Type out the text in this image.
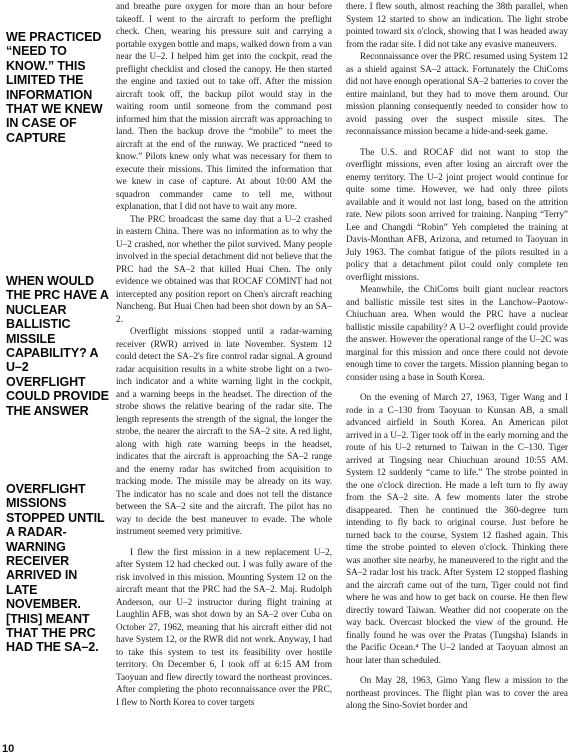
WE PRACTICED “NEED TO KNOW.” THIS LIMITED THE INFORMATION THAT WE KNEW IN CASE OF CAPTURE

WHEN WOULD THE PRC HAVE A NUCLEAR BALLISTIC MISSILE CAPABILITY? A U–2 OVERFLIGHT COULD PROVIDE THE ANSWER

OVERFLIGHT MISSIONS STOPPED UNTIL A RADAR-WARNING RECEIVER ARRIVED IN LATE NOVEMBER. [THIS] MEANT THAT THE PRC HAD THE SA–2.

and breathe pure oxygen for more than an hour before takeoff. I went to the aircraft to perform the preflight check. Chen, wearing his pressure suit and carrying a portable oxygen bottle and maps, walked down from a van near the U–2. I helped him get into the cockpit, read the preflight checklist and closed the canopy. He then started the engine and taxied out to take off. After the mission aircraft took off, the backup pilot would stay in the waiting room until someone from the command post informed him that the mission aircraft was approaching to land. Then the backup drove the “mobile” to meet the aircraft at the end of the runway. We practiced “need to know.” Pilots knew only what was necessary for them to execute their missions. This limited the information that we knew in case of capture. At about 10:00 AM the squadron commander came to tell me, without explanation, that I did not have to wait any more.

The PRC broadcast the same day that a U–2 crashed in eastern China. There was no information as to why the U–2 crashed, nor whether the pilot survived. Many people involved in the special detachment did not believe that the PRC had the SA–2 that killed Huai Chen. The only evidence we obtained was that ROCAF COMINT had not intercepted any position report on Chen's aircraft reaching Nancheng. But Huai Chen had been shot down by an SA–2.

Overflight missions stopped until a radar-warning receiver (RWR) arrived in late November. System 12 could detect the SA–2's fire control radar signal. A ground radar acquisition results in a white strobe light on a two-inch indicator and a white warning light in the cockpit, and a warning beeps in the headset. The direction of the strobe shows the relative bearing of the radar site. The length represents the strength of the signal, the longer the strobe, the nearer the aircraft to the SA–2 site. A red light, along with high rate warning beeps in the headset, indicates that the aircraft is approaching the SA–2 range and the enemy radar has switched from acquisition to tracking mode. The missile may be already on its way. The indicator has no scale and does not tell the distance between the SA–2 site and the aircraft. The pilot has no way to decide the best maneuver to evade. The whole instrument seemed very primitive.

I flew the first mission in a new replacement U–2, after System 12 had checked out. I was fully aware of the risk involved in this mission. Mounting System 12 on the aircraft meant that the PRC had the SA–2. Maj. Rudolph Anderson, our U–2 instructor during flight training at Laughlin AFB, was shot down by an SA–2 over Cuba on October 27, 1962, meaning that his aircraft either did not have System 12, or the RWR did not work. Anyway, I had to take this system to test its feasibility over hostile territory. On December 6, I took off at 6:15 AM from Taoyuan and flew directly toward the northeast provinces. After completing the photo reconnaissance over the PRC, I flew to North Korea to cover targets

there. I flew south, almost reaching the 38th parallel, when System 12 started to show an indication. The light strobe pointed toward six o'clock, showing that I was headed away from the radar site. I did not take any evasive maneuvers.

Reconnaissance over the PRC resumed using System 12 as a shield against SA–2 attack. Fortunately the ChiComs did not have enough operational SA–2 batteries to cover the entire mainland, but they had to move them around. Our mission planning consequently needed to consider how to avoid passing over the suspect missile sites. The reconnaissance mission became a hide-and-seek game.

The U.S. and ROCAF did not want to stop the overflight missions, even after losing an aircraft over the enemy territory. The U–2 joint project would continue for quite some time. However, we had only three pilots available and it would not last long, based on the attrition rate. New pilots soon arrived for training. Nanping “Terry” Lee and Changdi “Robin” Yeh completed the training at Davis-Monthan AFB, Arizona, and returned to Taoyuan in July 1963. The combat fatigue of the pilots resulted in a policy that a detachment pilot could only complete ten overflight missions.

Meanwhile, the ChiComs built giant nuclear reactors and ballistic missile test sites in the Lanchow–Paotow-Chiuchuan area. When would the PRC have a nuclear ballistic missile capability? A U–2 overflight could provide the answer. However the operational range of the U–2C was marginal for this mission and once there could not devote enough time to cover the targets. Mission planning began to consider using a base in South Korea.

On the evening of March 27, 1963, Tiger Wang and I rode in a C–130 from Taoyuan to Kunsan AB, a small advanced airfield in South Korea. An American pilot arrived in a U–2. Tiger took off in the early morning and the route of his U–2 returned to Taiwan in the C–130. Tiger arrived at Tingsing near Chiuchuan around 10:55 AM. System 12 suddenly “came to life.” The strobe pointed in the one o'clock direction. He made a left turn to fly away from the SA–2 site. A few moments later the strobe disappeared. Then he continued the 360-degree turn intending to fly back to original course. Just before he turned back to the course, System 12 flashed again. This time the strobe pointed to eleven o'clock. Thinking there was another site nearby, he maneuvered to the right and the SA–2 radar lost his track. After System 12 stopped flashing and the aircraft came out of the turn, Tiger could not find where he was and how to get back on course. He then flew directly toward Taiwan. Weather did not cooperate on the way back. Overcast blocked the view of the ground. He finally found he was over the Pratas (Tungsha) Islands in the Pacific Ocean.⁴ The U–2 landed at Taoyuan almost an hour later than scheduled.

On May 28, 1963, Gimo Yang flew a mission to the northeast provinces. The flight plan was to cover the area along the Sino-Soviet border and

10
